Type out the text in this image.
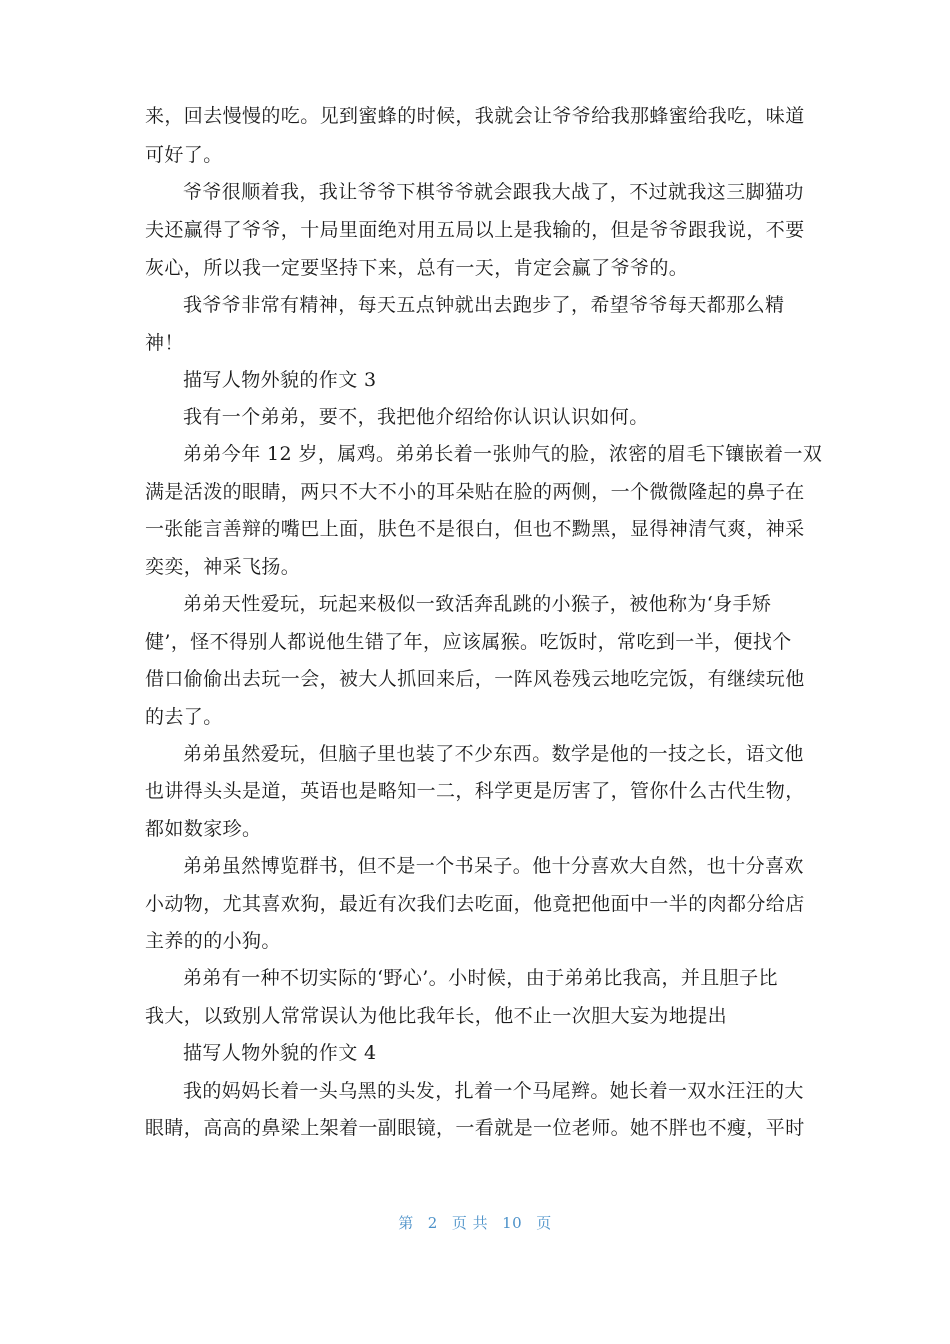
来，回去慢慢的吃。见到蜜蜂的时候，我就会让爷爷给我那蜂蜜给我吃，味道
可好了。
爷爷很顺着我，我让爷爷下棋爷爷就会跟我大战了，不过就我这三脚猫功
夫还赢得了爷爷，十局里面绝对用五局以上是我输的，但是爷爷跟我说，不要
灰心，所以我一定要坚持下来，总有一天，肯定会赢了爷爷的。
我爷爷非常有精神，每天五点钟就出去跑步了，希望爷爷每天都那么精
神！
描写人物外貌的作文 3
我有一个弟弟，要不，我把他介绍给你认识认识如何。
弟弟今年 12 岁，属鸡。弟弟长着一张帅气的脸，浓密的眉毛下镶嵌着一双
满是活泼的眼睛，两只不大不小的耳朵贴在脸的两侧，一个微微隆起的鼻子在
一张能言善辩的嘴巴上面，肤色不是很白，但也不黝黑，显得神清气爽，神采
奕奕，神采飞扬。
弟弟天性爱玩，玩起来极似一致活奔乱跳的小猴子，被他称为‘身手矫
健’，怪不得别人都说他生错了年，应该属猴。吃饭时，常吃到一半，便找个
借口偷偷出去玩一会，被大人抓回来后，一阵风卷残云地吃完饭，有继续玩他
的去了。
弟弟虽然爱玩，但脑子里也装了不少东西。数学是他的一技之长，语文他
也讲得头头是道，英语也是略知一二，科学更是厉害了，管你什么古代生物，
都如数家珍。
弟弟虽然博览群书，但不是一个书呆子。他十分喜欢大自然，也十分喜欢
小动物，尤其喜欢狗，最近有次我们去吃面，他竟把他面中一半的肉都分给店
主养的的小狗。
弟弟有一种不切实际的‘野心’。小时候，由于弟弟比我高，并且胆子比
我大，以致别人常常误认为他比我年长，他不止一次胆大妄为地提出
描写人物外貌的作文 4
我的妈妈长着一头乌黑的头发，扎着一个马尾辫。她长着一双水汪汪的大
眼睛，高高的鼻梁上架着一副眼镜，一看就是一位老师。她不胖也不瘦，平时
第 2 页 共 10 页
